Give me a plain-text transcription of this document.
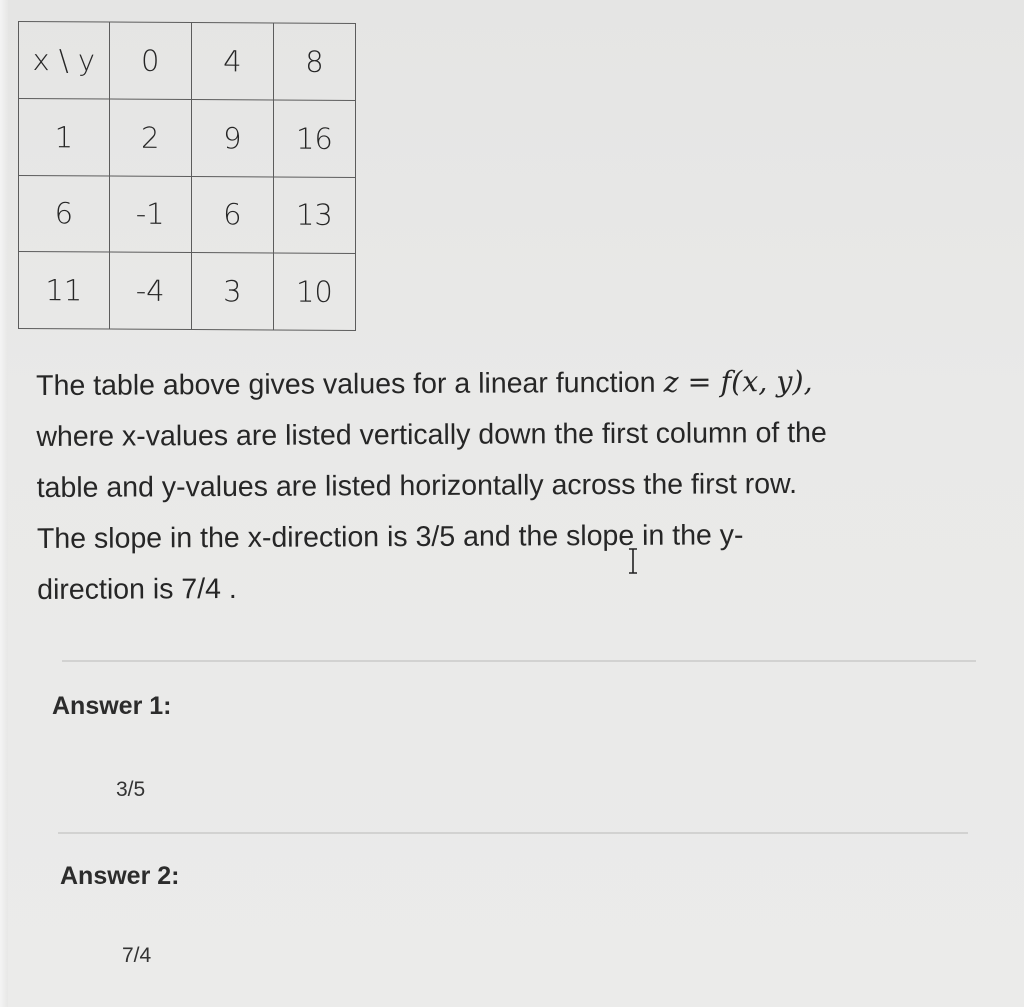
x \ y	0	4	8
1	2	9	16
6	-1	6	13
11	-4	3	10

The table above gives values for a linear function z = f(x, y),

where x-values are listed vertically down the first column of the

table and y-values are listed horizontally across the first row.

The slope in the x-direction is 3/5 and the slope in the y-

direction is 7/4 .

Answer 1:
3/5
Answer 2:
7/4
